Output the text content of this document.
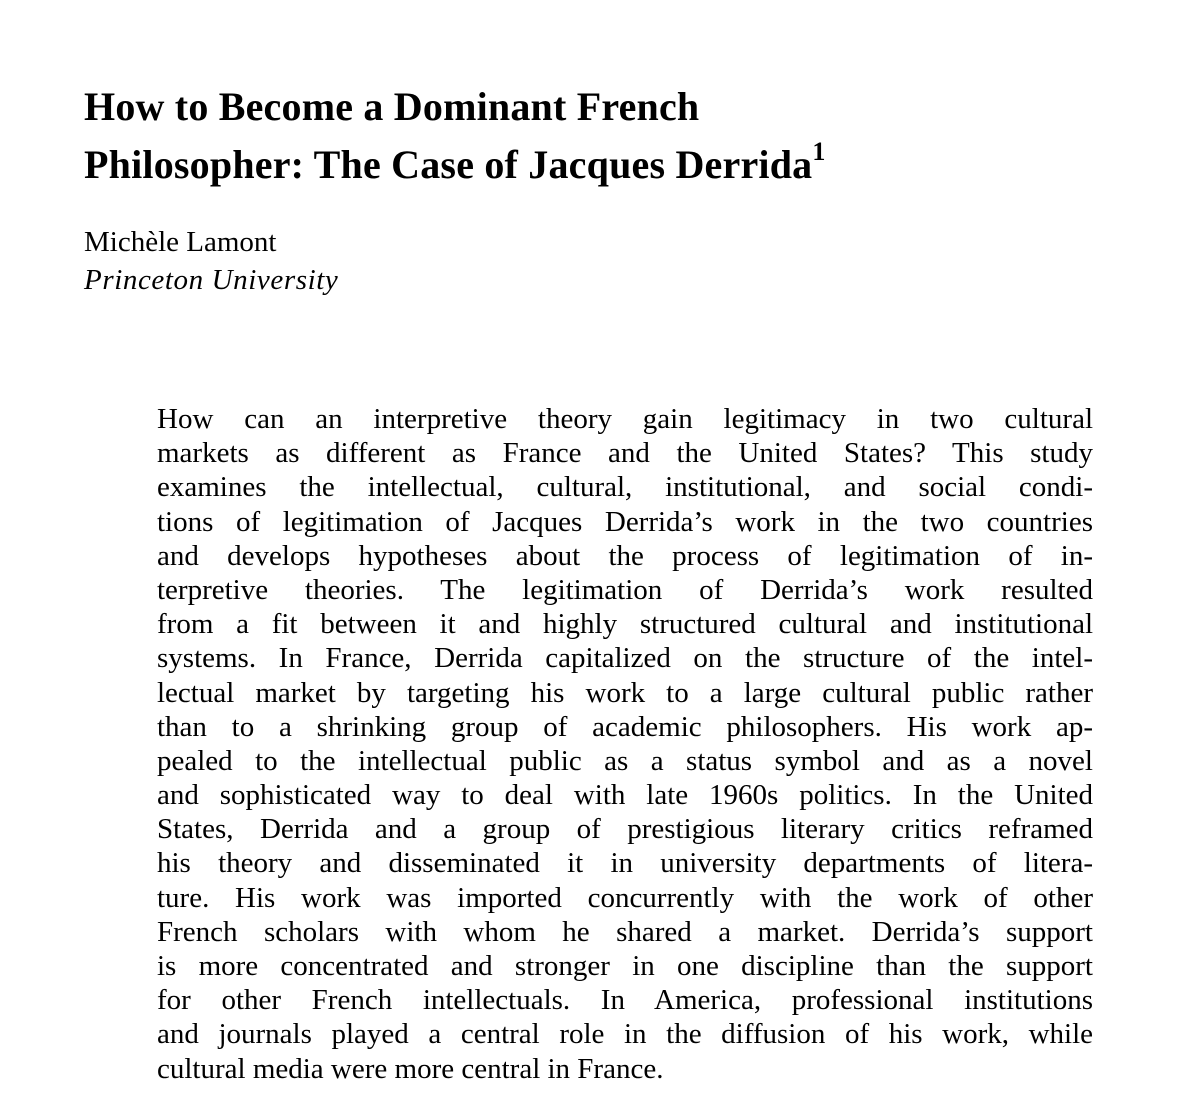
How to Become a Dominant French
Philosopher: The Case of Jacques Derrida$^1$
Michèle Lamont
Princeton University
How can an interpretive theory gain legitimacy in two cultural
markets as different as France and the United States? This study
examines the intellectual, cultural, institutional, and social condi-
tions of legitimation of Jacques Derrida’s work in the two countries
and develops hypotheses about the process of legitimation of in-
terpretive theories. The legitimation of Derrida’s work resulted
from a fit between it and highly structured cultural and institutional
systems. In France, Derrida capitalized on the structure of the intel-
lectual market by targeting his work to a large cultural public rather
than to a shrinking group of academic philosophers. His work ap-
pealed to the intellectual public as a status symbol and as a novel
and sophisticated way to deal with late 1960s politics. In the United
States, Derrida and a group of prestigious literary critics reframed
his theory and disseminated it in university departments of litera-
ture. His work was imported concurrently with the work of other
French scholars with whom he shared a market. Derrida’s support
is more concentrated and stronger in one discipline than the support
for other French intellectuals. In America, professional institutions
and journals played a central role in the diffusion of his work, while
cultural media were more central in France.
